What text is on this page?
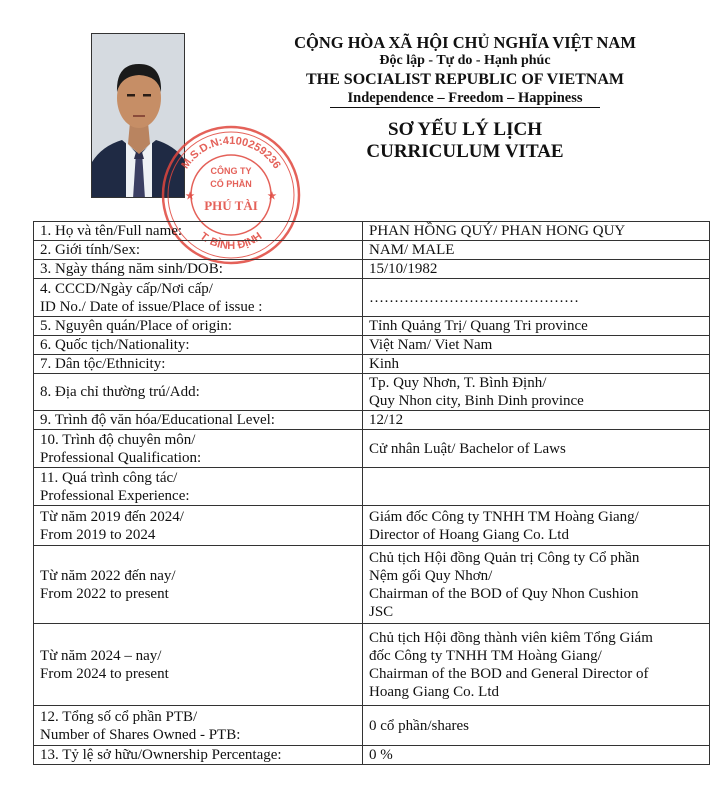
M.S.D.N:4100259236
T. BÌNH ĐỊNH
CÔNG TY
CỔ PHẦN
PHÚ TÀI
★	★
CỘNG HÒA XÃ HỘI CHỦ NGHĨA VIỆT NAM
Độc lập - Tự do - Hạnh phúc
THE SOCIALIST REPUBLIC OF VIETNAM
Independence – Freedom – Happiness
SƠ YẾU LÝ LỊCH
CURRICULUM VITAE
1. Họ và tên/Full name:	PHAN HỒNG QUÝ/ PHAN HONG QUY

2. Giới tính/Sex:	NAM/ MALE

3. Ngày tháng năm sinh/DOB:	15/10/1982

4. CCCD/Ngày cấp/Nơi cấp/
ID No./ Date of issue/Place of issue :	……………………………………

5. Nguyên quán/Place of origin:	Tỉnh Quảng Trị/ Quang Tri province

6. Quốc tịch/Nationality:	Việt Nam/ Viet Nam

7. Dân tộc/Ethnicity:	Kinh

8. Địa chỉ thường trú/Add:	Tp. Quy Nhơn, T. Bình Định/
Quy Nhon city, Binh Dinh province

9. Trình độ văn hóa/Educational Level:	12/12

10. Trình độ chuyên môn/
Professional Qualification:	Cử nhân Luật/ Bachelor of Laws

11. Quá trình công tác/
Professional Experience:	

Từ năm 2019 đến 2024/
From 2019 to 2024	Giám đốc Công ty TNHH TM Hoàng Giang/
Director of Hoang Giang Co. Ltd

Từ năm 2022 đến nay/
From 2022 to present	Chủ tịch Hội đồng Quản trị Công ty Cổ phần
Nệm gối Quy Nhơn/
Chairman of the BOD of Quy Nhon Cushion
JSC

Từ năm 2024 – nay/
From 2024 to present	Chủ tịch Hội đồng thành viên kiêm Tổng Giám
đốc Công ty TNHH TM Hoàng Giang/
Chairman of the BOD and General Director of
Hoang Giang Co. Ltd

12. Tổng số cổ phần PTB/
Number of Shares Owned - PTB:	0 cổ phần/shares

13. Tỷ lệ sở hữu/Ownership Percentage:	0 %
